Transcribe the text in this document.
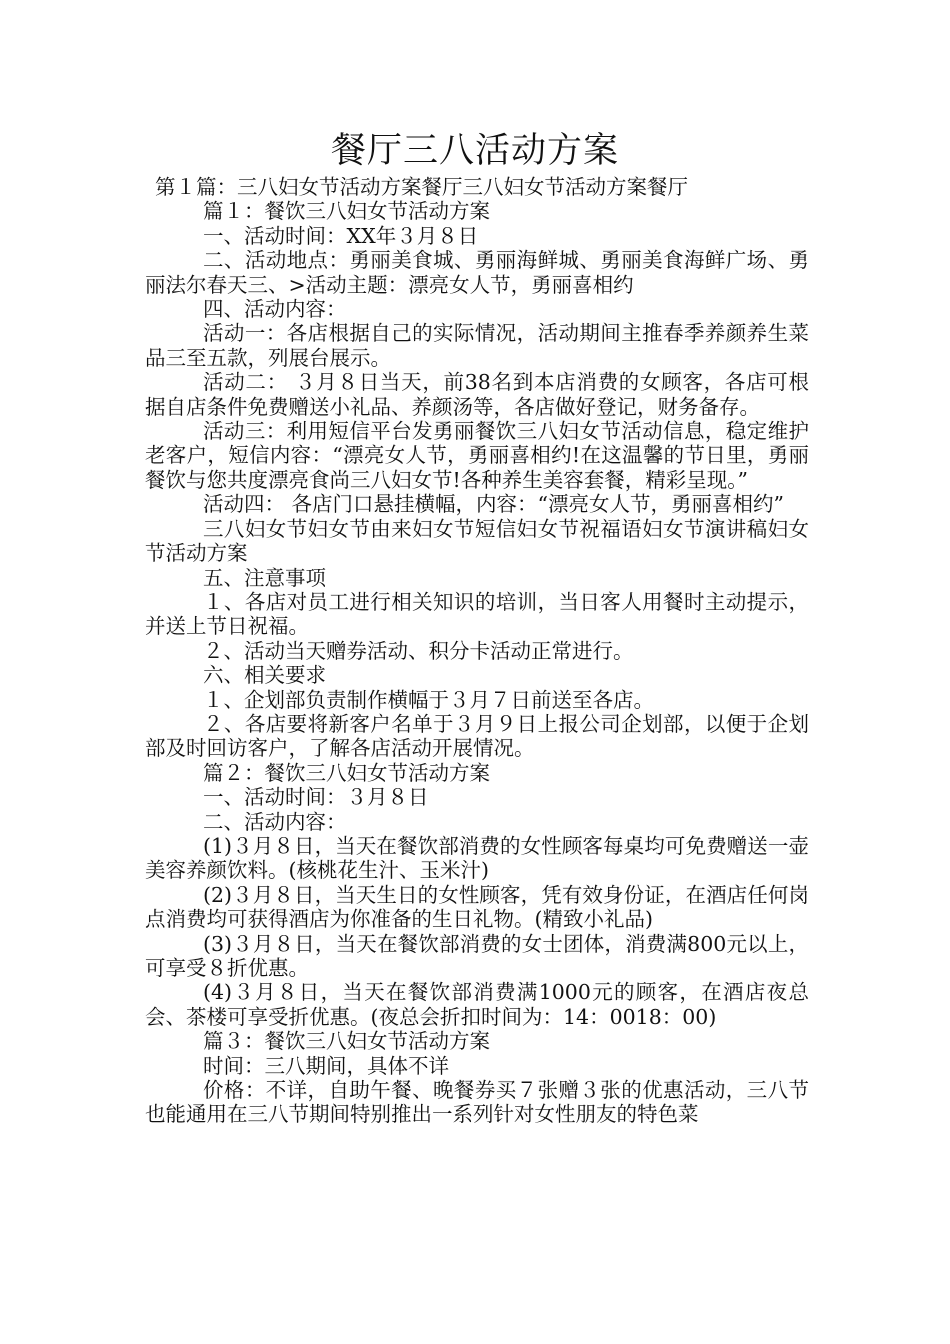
餐厅三八活动方案

第１篇：三八妇女节活动方案餐厅三八妇女节活动方案餐厅

篇１：餐饮三八妇女节活动方案

一、活动时间：XX年３月８日

二、活动地点：勇丽美食城、勇丽海鲜城、勇丽美食海鲜广场、勇丽法尔春天三、>活动主题：漂亮女人节，勇丽喜相约

四、活动内容：

活动一：各店根据自己的实际情况，活动期间主推春季养颜养生菜品三至五款，列展台展示。

活动二： ３月８日当天，前38名到本店消费的女顾客，各店可根据自店条件免费赠送小礼品、养颜汤等，各店做好登记，财务备存。

活动三：利用短信平台发勇丽餐饮三八妇女节活动信息，稳定维护老客户，短信内容：“漂亮女人节，勇丽喜相约!在这温馨的节日里，勇丽餐饮与您共度漂亮食尚三八妇女节!各种养生美容套餐，精彩呈现。”

活动四： 各店门口悬挂横幅，内容：“漂亮女人节，勇丽喜相约”

三八妇女节妇女节由来妇女节短信妇女节祝福语妇女节演讲稿妇女节活动方案

五、注意事项

１、各店对员工进行相关知识的培训，当日客人用餐时主动提示，并送上节日祝福。

２、活动当天赠券活动、积分卡活动正常进行。

六、相关要求

１、企划部负责制作横幅于３月７日前送至各店。

２、各店要将新客户名单于３月９日上报公司企划部，以便于企划部及时回访客户，了解各店活动开展情况。

篇２：餐饮三八妇女节活动方案

一、活动时间：３月８日

二、活动内容：

(1)３月８日，当天在餐饮部消费的女性顾客每桌均可免费赠送一壶美容养颜饮料。(核桃花生汁、玉米汁)

(2)３月８日，当天生日的女性顾客，凭有效身份证，在酒店任何岗点消费均可获得酒店为你准备的生日礼物。(精致小礼品)

(3)３月８日，当天在餐饮部消费的女士团体，消费满800元以上，可享受８折优惠。

(4)３月８日，当天在餐饮部消费满1000元的顾客，在酒店夜总会、茶楼可享受折优惠。(夜总会折扣时间为：14：0018：00)

篇３：餐饮三八妇女节活动方案

时间：三八期间，具体不详

价格：不详，自助午餐、晚餐券买７张赠３张的优惠活动，三八节也能通用在三八节期间特别推出一系列针对女性朋友的特色菜
